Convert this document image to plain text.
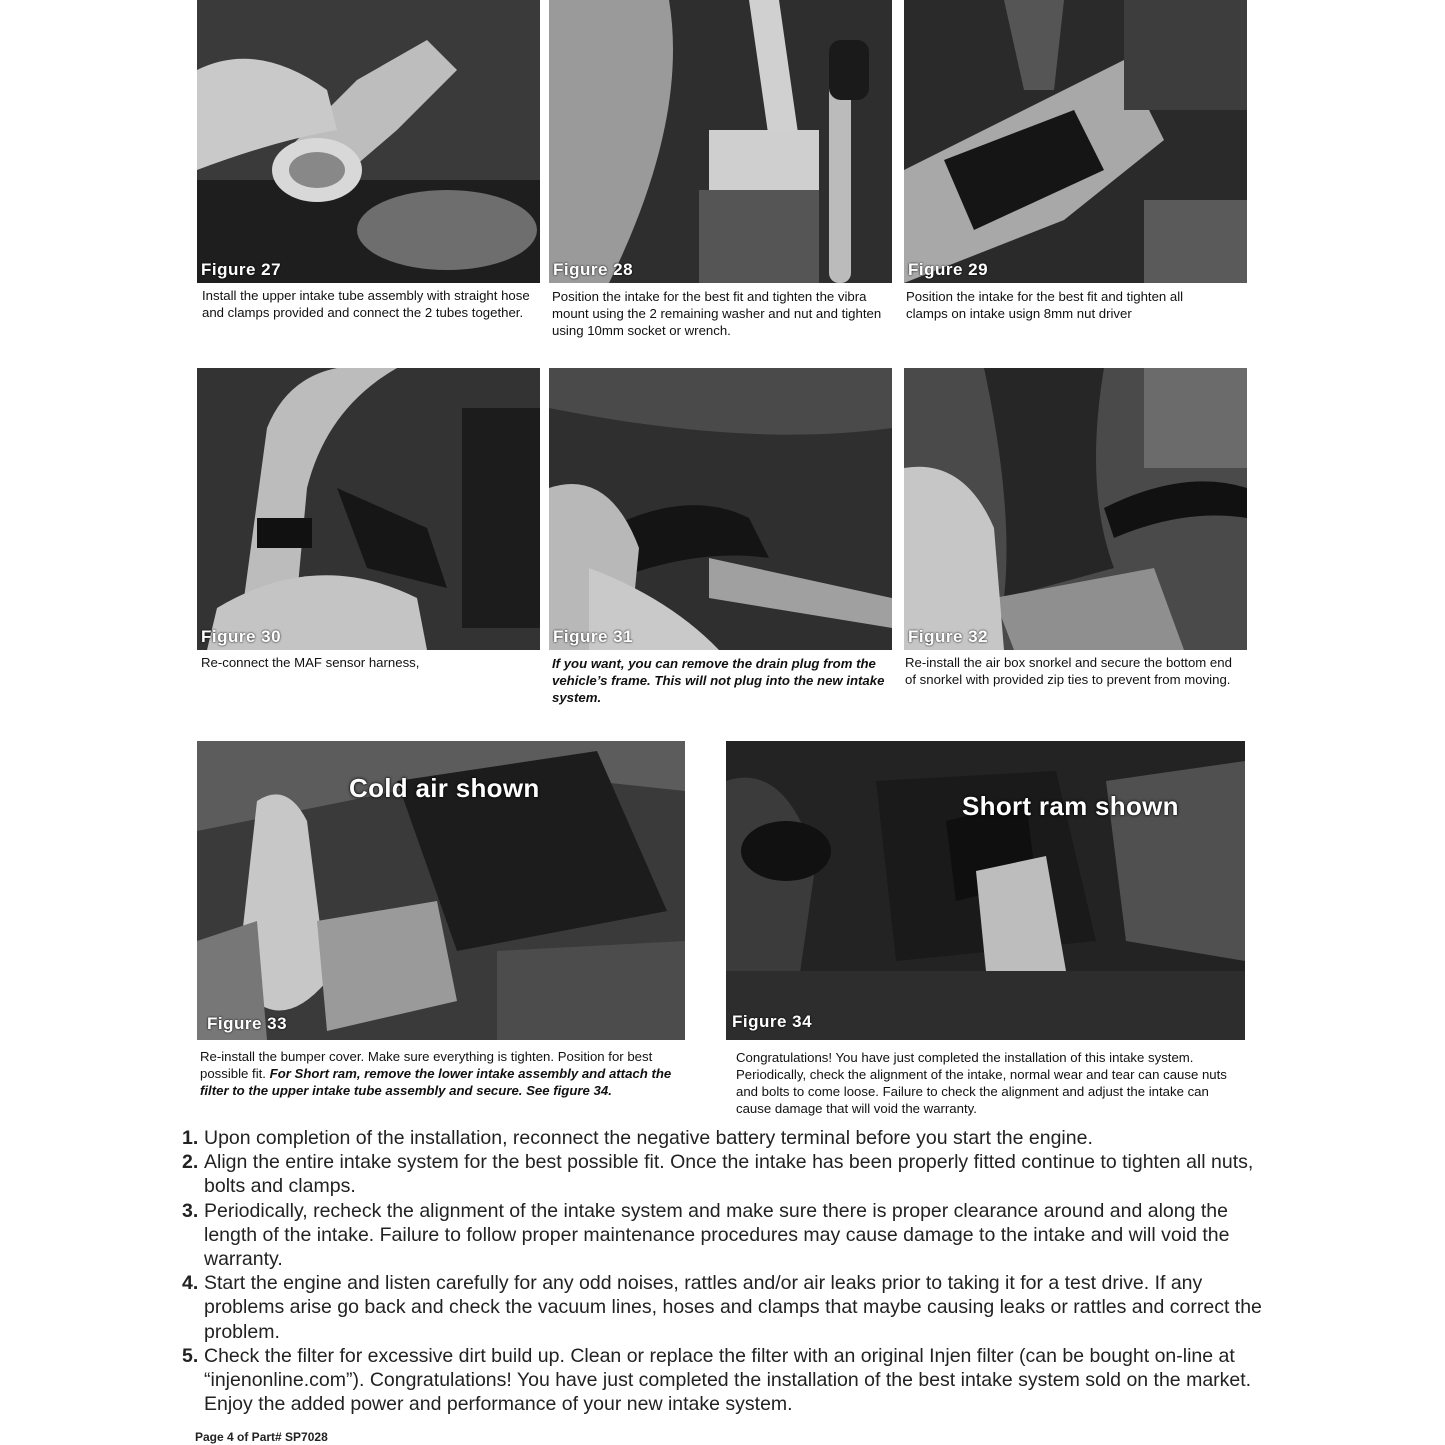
Figure 27	Figure 28	Figure 29

Install the upper intake tube assembly with straight hose and clamps provided and connect the 2 tubes together.

Position the intake for the best fit and tighten the vibra mount using the 2 remaining washer and nut and tighten using 10mm socket or wrench.

Position the intake for the best fit and tighten all clamps on intake usign 8mm nut driver

Figure 30	Figure 31	Figure 32

Re-connect the MAF sensor harness,	If you want, you can remove the drain plug from the vehicle’s frame. This will not plug into the new intake system.

Re-install the air box snorkel and secure the bottom end of snorkel with provided zip ties to prevent from moving.

Cold air shown
Figure 33
Short ram shown
Figure 34

Re-install the bumper cover. Make sure everything is tighten. Position for best possible fit. For Short ram, remove the lower intake assembly and attach the filter to the upper intake tube assembly and secure. See figure 34.

Congratulations! You have just completed the installation of this intake system. Periodically, check the alignment of the intake, normal wear and tear can cause nuts and bolts to come loose. Failure to check the alignment and adjust the intake can cause damage that will void the warranty.

1. Upon completion of the installation, reconnect the negative battery terminal before you start the engine.

2. Align the entire intake system for the best possible fit. Once the intake has been properly fitted continue to tighten all nuts, bolts and clamps.

3. Periodically, recheck the alignment of the intake system and make sure there is proper clearance around and along the length of the intake. Failure to follow proper maintenance procedures may cause damage to the intake and will void the warranty.

4. Start the engine and listen carefully for any odd noises, rattles and/or air leaks prior to taking it for a test drive. If any problems arise go back and check the vacuum lines, hoses and clamps that maybe causing leaks or rattles and correct the problem.

5. Check the filter for excessive dirt build up. Clean or replace the filter with an original Injen filter (can be bought on-line at “injenonline.com”). Congratulations! You have just completed the installation of the best intake system sold on the market. Enjoy the added power and performance of your new intake system.

Page 4 of Part# SP7028
